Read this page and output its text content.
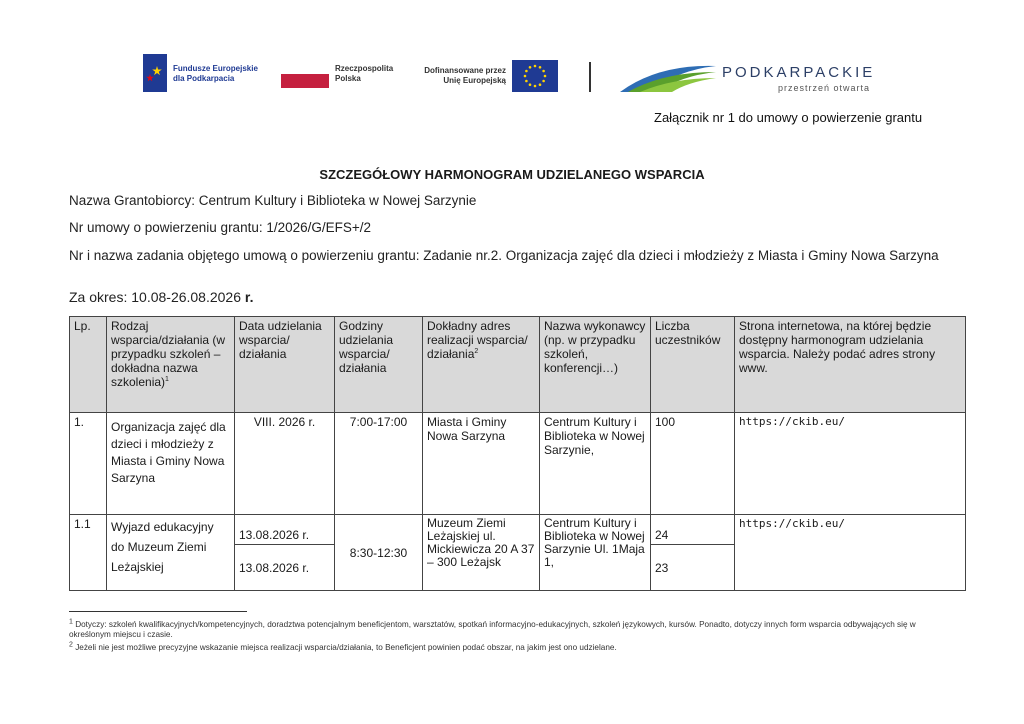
Fundusze Europejskie
dla Podkarpacia
Rzeczpospolita
Polska
Dofinansowane przez
Unię Europejską	PODKARPACKIE
przestrzeń otwarta
Załącznik nr 1 do umowy o powierzenie grantu
SZCZEGÓŁOWY HARMONOGRAM UDZIELANEGO WSPARCIA
Nazwa Grantobiorcy: Centrum Kultury i Biblioteka w Nowej Sarzynie
Nr umowy o powierzeniu grantu: 1/2026/G/EFS+/2
Nr i nazwa zadania objętego umową o powierzeniu grantu: Zadanie nr.2. Organizacja zajęć dla dzieci i młodzieży z Miasta i Gminy Nowa Sarzyna
Za okres: 10.08-26.08.2026 r.
Lp.	Rodzaj wsparcia/działania (w przypadku szkoleń – dokładna nazwa szkolenia)$^1$	Data udzielania wsparcia/ działania	Godziny udzielania wsparcia/ działania	Dokładny adres realizacji wsparcia/ działania$^2$	Nazwa wykonawcy (np. w przypadku szkoleń, konferencji…)	Liczba uczestników	Strona internetowa, na której będzie dostępny harmonogram udzielania wsparcia. Należy podać adres strony www.
1.	Organizacja zajęć dla dzieci i młodzieży z Miasta i Gminy Nowa Sarzyna	VIII. 2026 r.	7:00-17:00	Miasta i Gminy Nowa Sarzyna	Centrum Kultury i Biblioteka w Nowej Sarzynie,	100	https://ckib.eu/
1.1	Wyjazd edukacyjny do Muzeum Ziemi Leżajskiej	13.08.2026 r.	8:30-12:30	Muzeum Ziemi Leżajskiej ul. Mickiewicza 20 A 37 – 300 Leżajsk	Centrum Kultury i Biblioteka w Nowej Sarzynie Ul. 1Maja 1,	24	https://ckib.eu/
		13.08.2026 r.				23	
$^1$ Dotyczy: szkoleń kwalifikacyjnych/kompetencyjnych, doradztwa potencjalnym beneficjentom, warsztatów, spotkań informacyjno-edukacyjnych, szkoleń językowych, kursów. Ponadto, dotyczy innych form wsparcia odbywających się w określonym miejscu i czasie.
$^2$ Jeżeli nie jest możliwe precyzyjne wskazanie miejsca realizacji wsparcia/działania, to Beneficjent powinien podać obszar, na jakim jest ono udzielane.
